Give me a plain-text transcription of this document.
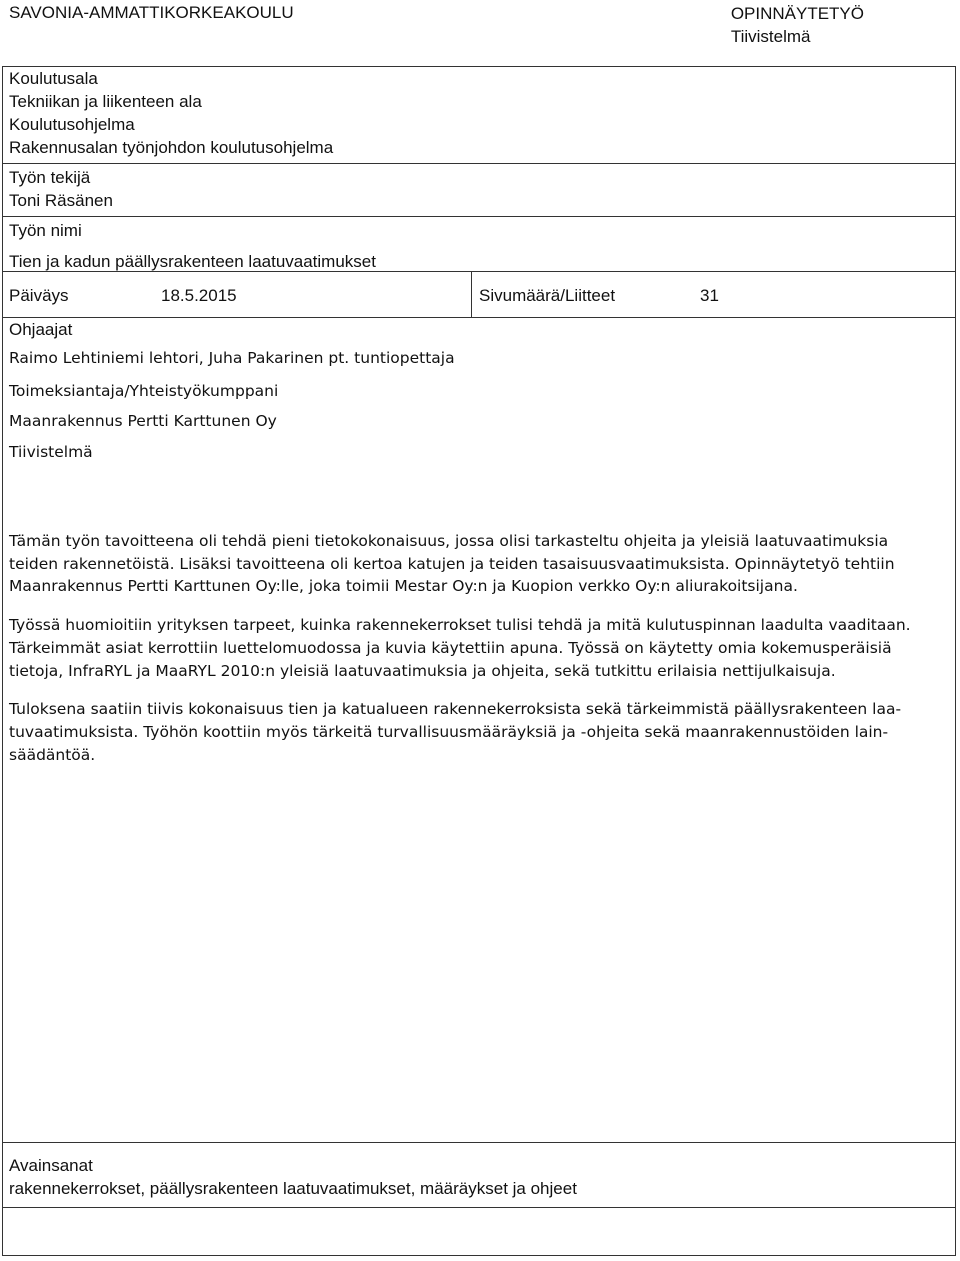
SAVONIA-AMMATTIKORKEAKOULU	OPINNÄYTETYÖ
Tiivistelmä
Koulutusala
Tekniikan ja liikenteen ala
Koulutusohjelma
Rakennusalan työnjohdon koulutusohjelma
Työn tekijä
Toni Räsänen
Työn nimi
Tien ja kadun päällysrakenteen laatuvaatimukset
Päiväys	18.5.2015	Sivumäärä/Liitteet	31
Ohjaajat
Raimo Lehtiniemi lehtori, Juha Pakarinen pt. tuntiopettaja
Toimeksiantaja/Yhteistyökumppani
Maanrakennus Pertti Karttunen Oy
Tiivistelmä

Tämän työn tavoitteena oli tehdä pieni tietokokonaisuus, jossa olisi tarkasteltu ohjeita ja yleisiä laatuvaatimuksia
teiden rakennetöistä. Lisäksi tavoitteena oli kertoa katujen ja teiden tasaisuusvaatimuksista. Opinnäytetyö tehtiin
Maanrakennus Pertti Karttunen Oy:lle, joka toimii Mestar Oy:n ja Kuopion verkko Oy:n aliurakoitsijana.

Työssä huomioitiin yrityksen tarpeet, kuinka rakennekerrokset tulisi tehdä ja mitä kulutuspinnan laadulta vaaditaan.
Tärkeimmät asiat kerrottiin luettelomuodossa ja kuvia käytettiin apuna. Työssä on käytetty omia kokemusperäisiä
tietoja, InfraRYL ja MaaRYL 2010:n yleisiä laatuvaatimuksia ja ohjeita, sekä tutkittu erilaisia nettijulkaisuja.

Tuloksena saatiin tiivis kokonaisuus tien ja katualueen rakennekerroksista sekä tärkeimmistä päällysrakenteen laa-
tuvaatimuksista. Työhön koottiin myös tärkeitä turvallisuusmääräyksiä ja -ohjeita sekä maanrakennustöiden lain-
säädäntöä.

Avainsanat
rakennekerrokset, päällysrakenteen laatuvaatimukset, määräykset ja ohjeet
